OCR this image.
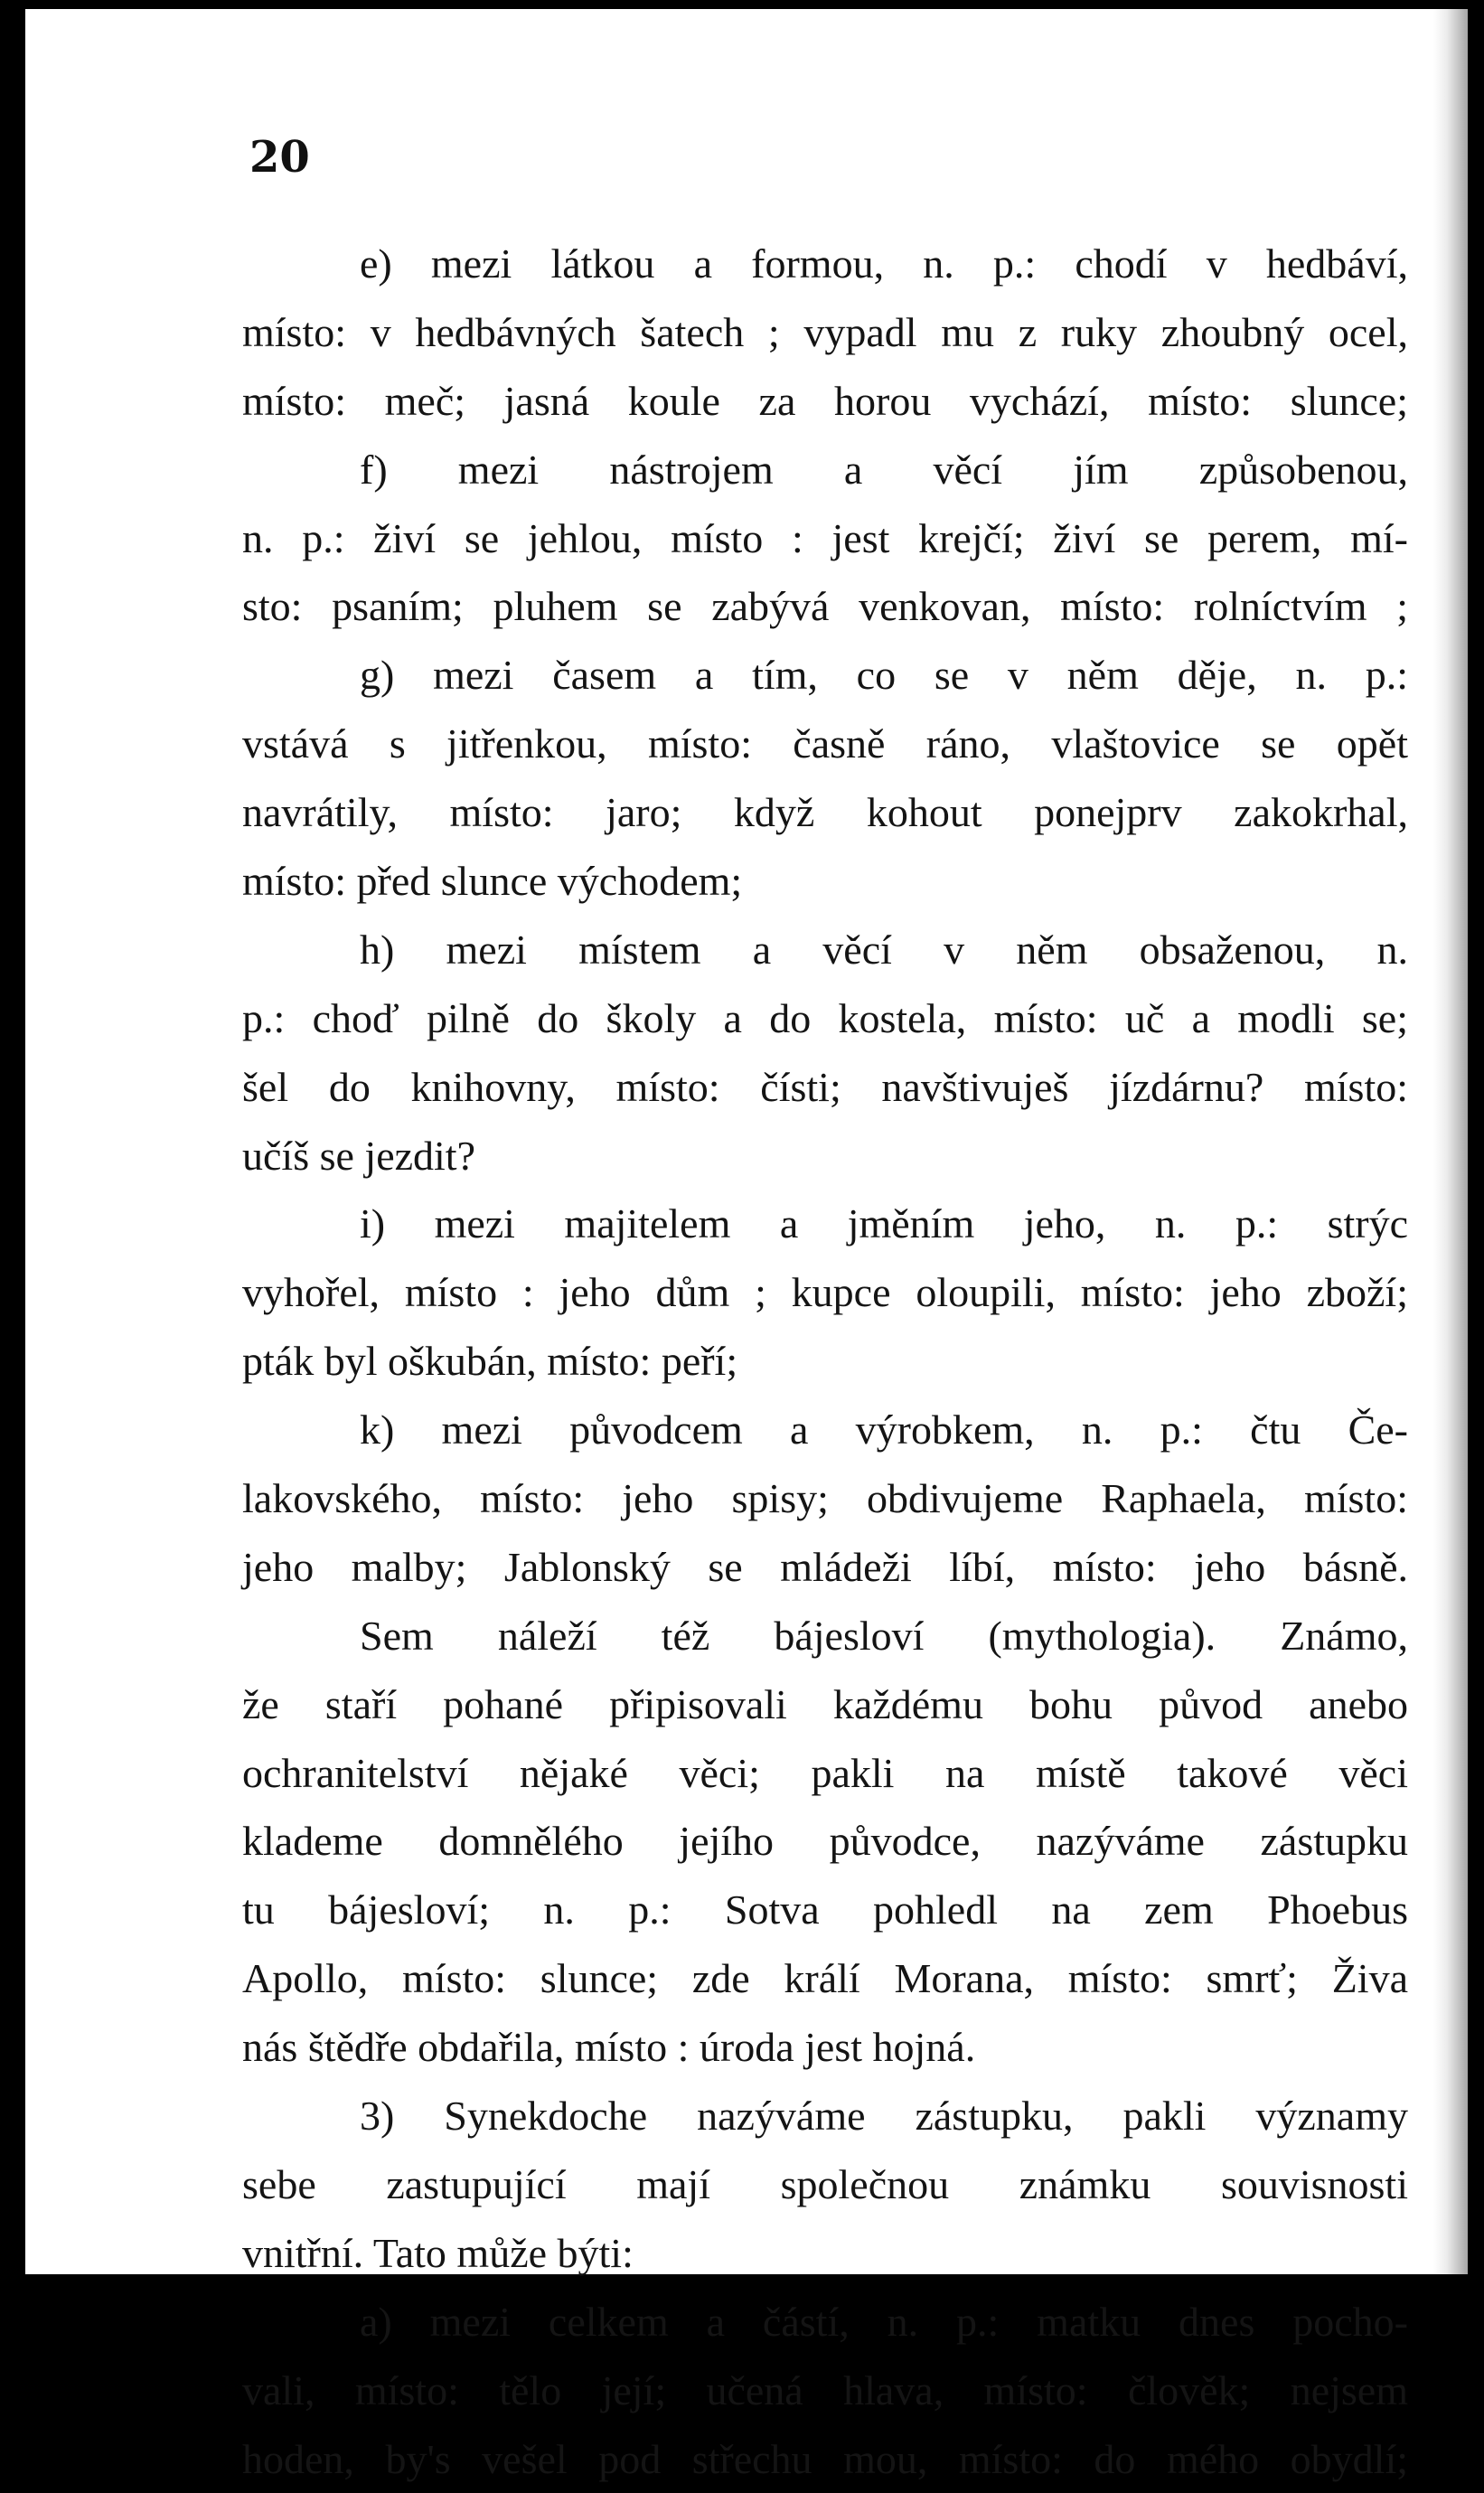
20

e) mezi látkou a formou, n. p.: chodí v hedbáví,
místo: v hedbávných šatech ; vypadl mu z ruky zhoubný ocel,
místo: meč; jasná koule za horou vychází, místo: slunce;
f) mezi nástrojem a věcí jím způsobenou,
n. p.: živí se jehlou, místo : jest krejčí; živí se perem, mí-
sto: psaním; pluhem se zabývá venkovan, místo: rolníctvím ;
g) mezi časem a tím, co se v něm děje, n. p.:
vstává s jitřenkou, místo: časně ráno, vlaštovice se opět
navrátily, místo: jaro; když kohout ponejprv zakokrhal,
místo: před slunce východem;
h) mezi místem a věcí v něm obsaženou, n.
p.: choď pilně do školy a do kostela, místo: uč a modli se;
šel do knihovny, místo: čísti; navštivuješ jízdárnu? místo:
učíš se jezdit?
i) mezi majitelem a jměním jeho, n. p.: strýc
vyhořel, místo : jeho dům ; kupce oloupili, místo: jeho zboží;
pták byl oškubán, místo: peří;
k) mezi původcem a výrobkem, n. p.: čtu Če-
lakovského, místo: jeho spisy; obdivujeme Raphaela, místo:
jeho malby; Jablonský se mládeži líbí, místo: jeho básně.
Sem náleží též bájesloví (mythologia). Známo,
že staří pohané připisovali každému bohu původ anebo
ochranitelství nějaké věci; pakli na místě takové věci
klademe domnělého jejího původce, nazýváme zástupku
tu bájesloví; n. p.: Sotva pohledl na zem Phoebus
Apollo, místo: slunce; zde králí Morana, místo: smrť; Živa
nás štědře obdařila, místo : úroda jest hojná.
3) Synekdoche nazýváme zástupku, pakli významy
sebe zastupující mají společnou známku souvisnosti
vnitřní. Tato může býti:
a) mezi celkem a částí, n. p.: matku dnes pocho-
vali, místo: tělo její; učená hlava, místo: člověk; nejsem
hoden, by's vešel pod střechu mou, místo: do mého obydlí;
